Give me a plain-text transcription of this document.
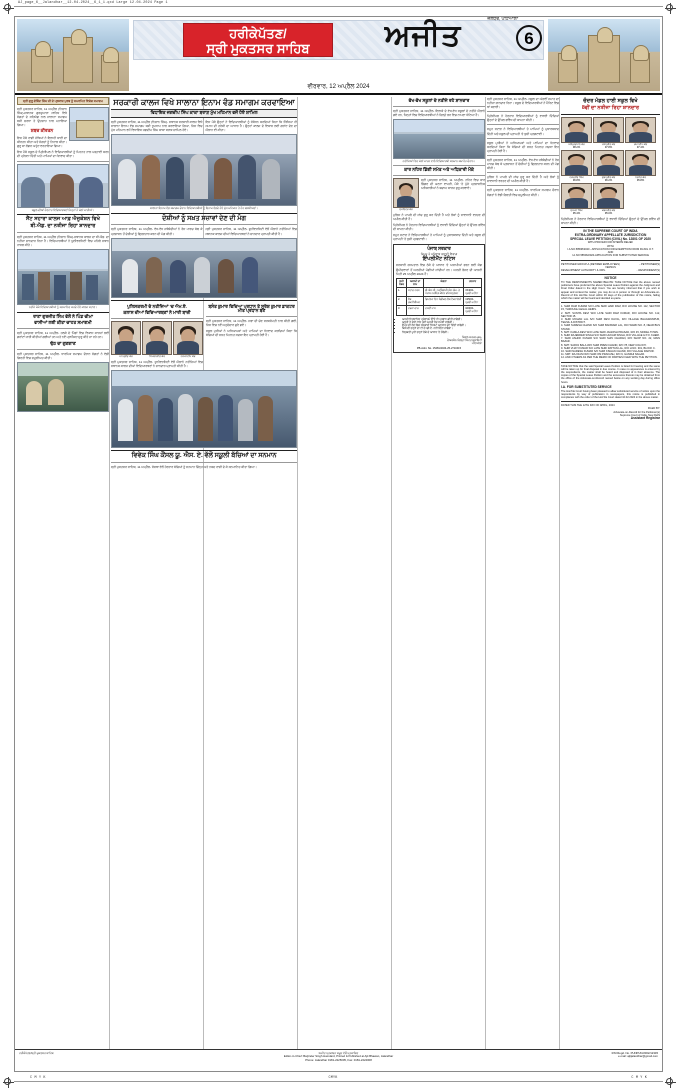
AJ_page_6__Jalandhar__12-04-2024__6_1_1.qxd Large 12.04.2024 Page 1
C M Y K	CMYK	C M Y K
ਹਰੀਕੇਪੱਤਣ/
ਸ੍ਰੀ ਮੁਕਤਸਰ ਸਾਹਿਬ
ਜਲੰਧਰ, ਪਟਿਆਲਾ
ਅਜੀਤ	6
ਵੀਰਵਾਰ, 12 ਅਪ੍ਰੈਲ 2024
ਸ੍ਰੀ ਗੁਰੂ ਗੋਬਿੰਦ ਸਿੰਘ ਜੀ ਦੇ ਪ੍ਰਕਾਸ਼ ਪੁਰਬ ਨੂੰ ਸਮਰਪਿਤ ਵਿਸ਼ੇਸ਼ ਸਮਾਗਮ
ਸ੍ਰੀ ਮੁਕਤਸਰ ਸਾਹਿਬ, 11 ਅਪ੍ਰੈਲ (ਨਿਸ਼ਾਨ ਸਿੰਘ)-ਸਥਾਨਕ ਗੁਰਦੁਆਰਾ ਸਾਹਿਬ ਵਿਖੇ ਸੰਗਤਾਂ ਦੇ ਸਹਿਯੋਗ ਨਾਲ ਸਾਲਾਨਾ ਸਮਾਗਮ ਬੜੀ ਸ਼ਰਧਾ ਤੇ ਉਤਸ਼ਾਹ ਨਾਲ ਮਨਾਇਆ ਗਿਆ।
ਸ਼ਬਦ ਕੀਰਤਨ
ਇਸ ਮੌਕੇ ਰਾਗੀ ਜੱਥਿਆਂ ਨੇ ਇਲਾਹੀ ਬਾਣੀ ਦਾ ਕੀਰਤਨ ਕੀਤਾ ਅਤੇ ਸੰਗਤਾਂ ਨੂੰ ਨਿਹਾਲ ਕੀਤਾ। ਗੁਰੂ ਕਾ ਲੰਗਰ ਅਤੁੱਟ ਵਰਤਾਇਆ ਗਿਆ।
ਇਸ ਮੌਕੇ ਸਕੂਲ ਦੇ ਪ੍ਰਿੰਸੀਪਲ ਨੇ ਵਿਦਿਆਰਥੀਆਂ ਨੂੰ ਮਿਹਨਤ ਨਾਲ ਪੜ੍ਹਾਈ ਕਰਨ ਦੀ ਪ੍ਰੇਰਨਾ ਦਿੱਤੀ ਅਤੇ ਮਾਪਿਆਂ ਦਾ ਧੰਨਵਾਦ ਕੀਤਾ।
ਸਕੂਲ ਦੀਆਂ ਹੋਣਹਾਰ ਵਿਦਿਆਰਥਣਾਂ ਜਿਨ੍ਹਾਂ ਨੇ ਮੱਲਾਂ ਮਾਰੀਆਂ।
ਸੈਂਟ ਸਹਾਰਾ ਕਾਲਜ ਆਫ਼ ਐਜੂਕੇਸ਼ਨ ਵਿਖੇ
ਬੀ.ਐਡ. ਦਾ ਨਤੀਜਾ ਰਿਹਾ ਸ਼ਾਨਦਾਰ
ਸ੍ਰੀ ਮੁਕਤਸਰ ਸਾਹਿਬ, 11 ਅਪ੍ਰੈਲ (ਨਿਸ਼ਾਨ ਸਿੰਘ)-ਸਥਾਨਕ ਕਾਲਜ ਦਾ ਬੀ.ਐਡ. ਦਾ ਨਤੀਜਾ ਸ਼ਾਨਦਾਰ ਰਿਹਾ ਹੈ। ਵਿਦਿਆਰਥੀਆਂ ਨੇ ਯੂਨੀਵਰਸਿਟੀ ਵਿਚ ਪਹਿਲੇ ਸਥਾਨ ਹਾਸਲ ਕੀਤੇ।
ਨਤੀਜੇ ਮੌਕੇ ਵਿਦਿਆਰਥੀਆਂ ਨੂੰ ਸਨਮਾਨਿਤ ਕਰਦੇ ਹੋਏ ਕਾਲਜ ਸਟਾਫ਼।
ਰਾਣਾ ਗੁਰਜੀਤ ਸਿੰਘ ਵੱਲੋਂ ਨੇ ਪਿੰਡ ਚੀਮਾ
ਵਾਸੀਆਂ ਲਈ ਕੀਤਾ ਚਾਹਤ ਸਮਾਗਮੀ
ਸ੍ਰੀ ਮੁਕਤਸਰ ਸਾਹਿਬ, 11 ਅਪ੍ਰੈਲ- ਹਲਕੇ ਦੇ ਪਿੰਡਾਂ ਵਿਚ ਵਿਕਾਸ ਕਾਰਜਾਂ ਲਈ ਗਰਾਂਟਾਂ ਜਾਰੀ ਕੀਤੀਆਂ ਗਈਆਂ ਹਨ ਅਤੇ ਨਵੇਂ ਪ੍ਰਾਜੈਕਟ ਸ਼ੁਰੂ ਕੀਤੇ ਜਾ ਰਹੇ ਹਨ।
ਢੱਠ ਦਾ ਗੁਣਗਾਣ
ਸ੍ਰੀ ਮੁਕਤਸਰ ਸਾਹਿਬ, 11 ਅਪ੍ਰੈਲ- ਧਾਰਮਿਕ ਸਮਾਗਮ ਦੌਰਾਨ ਸੰਗਤਾਂ ਨੇ ਵੱਡੀ ਗਿਣਤੀ ਵਿਚ ਸ਼ਮੂਲੀਅਤ ਕੀਤੀ।
ਸਰਕਾਰੀ ਕਾਲਜ ਵਿਖੇ ਸਾਲਾਨਾ ਇਨਾਮ ਵੰਡ ਸਮਾਗਮ ਕਰਵਾਇਆ
ਵਿਧਾਇਕ ਜਗਦੀਪ ਸਿੰਘ ਕਾਕਾ ਬਰਾੜ ਮੁੱਖ ਮਹਿਮਾਨ ਵਜੋਂ ਹੋਏ ਸ਼ਾਮਿਲ
ਸ੍ਰੀ ਮੁਕਤਸਰ ਸਾਹਿਬ, 11 ਅਪ੍ਰੈਲ (ਨਿਸ਼ਾਨ ਸਿੰਘ)- ਸਥਾਨਕ ਸਰਕਾਰੀ ਕਾਲਜ ਵਿਖੇ ਸਾਲਾਨਾ ਇਨਾਮ ਵੰਡ ਸਮਾਗਮ ਬੜੀ ਧੂਮਧਾਮ ਨਾਲ ਕਰਵਾਇਆ ਗਿਆ, ਜਿਸ ਵਿਚ ਮੁੱਖ ਮਹਿਮਾਨ ਵਜੋਂ ਵਿਧਾਇਕ ਜਗਦੀਪ ਸਿੰਘ ਕਾਕਾ ਬਰਾੜ ਸ਼ਾਮਿਲ ਹੋਏ।
ਇਸ ਮੌਕੇ ਉਨ੍ਹਾਂ ਨੇ ਵਿਦਿਆਰਥੀਆਂ ਨੂੰ ਸੰਬੋਧਨ ਕਰਦਿਆਂ ਕਿਹਾ ਕਿ ਸਿੱਖਿਆ ਹੀ ਸਮਾਜ ਦੀ ਤਰੱਕੀ ਦਾ ਆਧਾਰ ਹੈ। ਉਨ੍ਹਾਂ ਕਾਲਜ ਦੇ ਵਿਕਾਸ ਲਈ ਗਰਾਂਟ ਦੇਣ ਦਾ ਐਲਾਨ ਵੀ ਕੀਤਾ।
ਸਾਲਾਨਾ ਇਨਾਮ ਵੰਡ ਸਮਾਗਮ ਦੌਰਾਨ ਵਿਦਿਆਰਥੀਆਂ ਨੂੰ ਇਨਾਮ ਵੰਡਦੇ ਹੋਏ ਮੁੱਖ ਮਹਿਮਾਨ ਤੇ ਹੋਰ ਸ਼ਖ਼ਸੀਅਤਾਂ।
ਦੋਸ਼ੀਆਂ ਨੂੰ ਸਖ਼ਤ ਸਜ਼ਾਵਾਂ ਦੇਣ ਦੀ ਮੰਗ
ਸ੍ਰੀ ਮੁਕਤਸਰ ਸਾਹਿਬ, 11 ਅਪ੍ਰੈਲ- ਵੱਖ-ਵੱਖ ਜਥੇਬੰਦੀਆਂ ਨੇ ਰੋਸ ਮਾਰਚ ਕੱਢ ਕੇ ਪ੍ਰਸ਼ਾਸਨ ਤੋਂ ਦੋਸ਼ੀਆਂ ਨੂੰ ਗ੍ਰਿਫ਼ਤਾਰ ਕਰਨ ਦੀ ਮੰਗ ਕੀਤੀ।
ਸ੍ਰੀ ਮੁਕਤਸਰ ਸਾਹਿਬ, 11 ਅਪ੍ਰੈਲ- ਯੂਨੀਵਰਸਿਟੀ ਵੱਲੋਂ ਐਲਾਨੇ ਨਤੀਜਿਆਂ ਵਿਚ ਸਥਾਨਕ ਕਾਲਜ ਦੀਆਂ ਵਿਦਿਆਰਥਣਾਂ ਨੇ ਸ਼ਾਨਦਾਰ ਪ੍ਰਾਪਤੀ ਕੀਤੀ ਹੈ।
ਪੁਲਿਸਕਰਮੀ ਦੇ ਨਤੀਜਿਆਂ 'ਚ ਐਮ.ਏ.
ਕਲਾਸ ਦੀਆਂ ਵਿਦਿਆਰਥਣਾਂ ਨੇ ਮਾਰੀ ਬਾਜ਼ੀ
ਮਨਪ੍ਰੀਤ ਕੌਰ	ਸਿਮਰਨਜੀਤ ਕੌਰ	ਹਰਮਨਦੀਪ ਕੌਰ
ਸ੍ਰੀ ਮੁਕਤਸਰ ਸਾਹਿਬ, 11 ਅਪ੍ਰੈਲ- ਯੂਨੀਵਰਸਿਟੀ ਵੱਲੋਂ ਐਲਾਨੇ ਨਤੀਜਿਆਂ ਵਿਚ ਸਥਾਨਕ ਕਾਲਜ ਦੀਆਂ ਵਿਦਿਆਰਥਣਾਂ ਨੇ ਸ਼ਾਨਦਾਰ ਪ੍ਰਾਪਤੀ ਕੀਤੀ ਹੈ।
ਬਸੰਤ ਕੁਮਾਰ ਵਿਦਿਆ ਪ੍ਰਧਾਨ ਤੇ ਸੁਰੇਸ਼ ਕੁਮਾਰ ਡਾਕਟਰ ਮੀਤ ਪ੍ਰਧਾਨ ਬਣੇ
ਸ੍ਰੀ ਮੁਕਤਸਰ ਸਾਹਿਬ, 11 ਅਪ੍ਰੈਲ- ਸਭਾ ਦੀ ਚੋਣ ਸਰਬਸੰਮਤੀ ਨਾਲ ਕੀਤੀ ਗਈ, ਜਿਸ ਵਿਚ ਨਵੇਂ ਅਹੁਦੇਦਾਰ ਚੁਣੇ ਗਏ।
ਸਕੂਲ ਮੁਖੀਆਂ ਨੇ ਅਧਿਆਪਕਾਂ ਅਤੇ ਮਾਪਿਆਂ ਦਾ ਧੰਨਵਾਦ ਕਰਦਿਆਂ ਕਿਹਾ ਕਿ ਬੱਚਿਆਂ ਦੀ ਸਖ਼ਤ ਮਿਹਨਤ ਸਦਕਾ ਇਹ ਪ੍ਰਾਪਤੀ ਹੋਈ ਹੈ।
ਵਿਵੇਕ ਸਿੰਘ ਕੌਂਸਲ ਯੂ. ਐਸ. ਏ. ਵੱਲੋਂ ਸਕੂਲੀ ਬੱਚਿਆਂ ਦਾ ਸਨਮਾਨ
ਸ੍ਰੀ ਮੁਕਤਸਰ ਸਾਹਿਬ, 11 ਅਪ੍ਰੈਲ- ਸੰਸਥਾ ਵੱਲੋਂ ਹੋਣਹਾਰ ਬੱਚਿਆਂ ਨੂੰ ਸਨਮਾਨ ਚਿੰਨ੍ਹ ਅਤੇ ਨਕਦ ਰਾਸ਼ੀ ਦੇ ਕੇ ਸਨਮਾਨਿਤ ਕੀਤਾ ਗਿਆ।
ਵੱਖ-ਵੱਖ ਸਕੂਲਾਂ ਦੇ ਨਤੀਜੇ ਰਹੇ ਸ਼ਾਨਦਾਰ
ਸ੍ਰੀ ਮੁਕਤਸਰ ਸਾਹਿਬ, 11 ਅਪ੍ਰੈਲ- ਇਲਾਕੇ ਦੇ ਵੱਖ-ਵੱਖ ਸਕੂਲਾਂ ਦੇ ਨਤੀਜੇ ਐਲਾਨੇ ਗਏ ਹਨ, ਜਿਨ੍ਹਾਂ ਵਿਚ ਵਿਦਿਆਰਥੀਆਂ ਨੇ ਜ਼ਿਲ੍ਹੇ ਭਰ ਵਿਚ ਨਾਮਣਾ ਖੱਟਿਆ ਹੈ।
ਨਤੀਜਿਆਂ ਵਿਚ ਮੱਲਾਂ ਮਾਰਨ ਵਾਲੇ ਵਿਦਿਆਰਥੀ ਸਨਮਾਨ ਸਮਾਰੋਹ ਦੌਰਾਨ।
ਕਾਰ ਨਹਿਰ ਡਿੱਗੀ ਸਮੇਤ ਅਤੇ ਅਧਿਕਾਰੀ ਮੌਕੇ
ਸੁਖਵਿੰਦਰ ਕੌਰ
ਸ੍ਰੀ ਮੁਕਤਸਰ ਸਾਹਿਬ, 11 ਅਪ੍ਰੈਲ- ਨਹਿਰ ਵਿਚ ਕਾਰ ਡਿੱਗਣ ਦੀ ਘਟਨਾ ਵਾਪਰੀ, ਮੌਕੇ 'ਤੇ ਪੁੱਜੇ ਪ੍ਰਸ਼ਾਸਨਿਕ ਅਧਿਕਾਰੀਆਂ ਨੇ ਬਚਾਅ ਕਾਰਜ ਸ਼ੁਰੂ ਕਰਵਾਏ।
ਪੁਲਿਸ ਨੇ ਮਾਮਲੇ ਦੀ ਜਾਂਚ ਸ਼ੁਰੂ ਕਰ ਦਿੱਤੀ ਹੈ ਅਤੇ ਲੋਕਾਂ ਨੂੰ ਸਾਵਧਾਨੀ ਵਰਤਣ ਦੀ ਅਪੀਲ ਕੀਤੀ ਹੈ।
ਪ੍ਰਿੰਸੀਪਲ ਨੇ ਹੋਣਹਾਰ ਵਿਦਿਆਰਥੀਆਂ ਨੂੰ ਵਧਾਈ ਦਿੰਦਿਆਂ ਉਨ੍ਹਾਂ ਦੇ ਉੱਜਲ ਭਵਿੱਖ ਦੀ ਕਾਮਨਾ ਕੀਤੀ।
ਸਮੂਹ ਸਟਾਫ਼ ਨੇ ਵਿਦਿਆਰਥੀਆਂ ਤੇ ਮਾਪਿਆਂ ਨੂੰ ਮੁਬਾਰਕਬਾਦ ਦਿੱਤੀ ਅਤੇ ਸਕੂਲ ਦੀ ਪ੍ਰਾਪਤੀ 'ਤੇ ਖ਼ੁਸ਼ੀ ਪ੍ਰਗਟਾਈ।
ਪੰਜਾਬ ਸਰਕਾਰ
ਸਿਹਤ ਤੇ ਪਰਿਵਾਰ ਭਲਾਈ ਵਿਭਾਗ
ਇੰਪਲੀਮੈਂਟ ਨੋਟਿਸ
ਸਰਕਾਰੀ ਹਸਪਤਾਲ ਵਿਚ ਠੇਕੇ ਦੇ ਆਧਾਰ 'ਤੇ ਅਸਾਮੀਆਂ ਭਰਨ ਲਈ ਯੋਗ ਉਮੀਦਵਾਰਾਂ ਤੋਂ ਅਰਜ਼ੀਆਂ ਮੰਗੀਆਂ ਜਾਂਦੀਆਂ ਹਨ। ਅਰਜ਼ੀ ਭੇਜਣ ਦੀ ਆਖ਼ਰੀ ਮਿਤੀ 25 ਅਪ੍ਰੈਲ 2024 ਹੈ।
ਲੜੀ ਨੰਬਰ	ਅਸਾਮੀ ਦਾ ਨਾਮ	ਯੋਗਤਾ	ਤਨਖ਼ਾਹ
1.	ਸਟਾਫ਼ ਨਰਸ	ਬੀ.ਐਸ.ਸੀ. ਨਰਸਿੰਗ/ਜੀ.ਐਨ.ਐਮ. ਤੇ ਪੰਜਾਬ ਨਰਸਿੰਗ ਕੌਂਸਲ ਰਜਿਸਟ੍ਰੇਸ਼ਨ	15400/- ਪ੍ਰਤੀ ਮਹੀਨਾ
2.	ਲੈਬ ਤਕਨੀਸ਼ੀਅਨ	ਡਿਪਲੋਮਾ ਇਨ ਮੈਡੀਕਲ ਲੈਬ ਟੈਕਨਾਲੋਜੀ	13500/- ਪ੍ਰਤੀ ਮਹੀਨਾ
3.	ਦਰਜਾ ਚਾਰ	ਦਸਵੀਂ ਪਾਸ	10000/- ਪ੍ਰਤੀ ਮਹੀਨਾ
• ਅਰਜ਼ੀ ਨਿਰਧਾਰਿਤ ਪ੍ਰੋਫਾਰਮੇ ਉੱਤੇ ਹੀ ਪ੍ਰਵਾਨ ਕੀਤੀ ਜਾਵੇਗੀ।
• ਅਧੂਰੀ ਤੇ ਦੇਰੀ ਨਾਲ ਪੁੱਜੀ ਅਰਜ਼ੀ ਰੱਦ ਸਮਝੀ ਜਾਵੇਗੀ।
• ਉਮਰ ਦੀ ਹੱਦ ਵਿਚ ਸਰਕਾਰੀ ਨਿਯਮਾਂ ਅਨੁਸਾਰ ਛੋਟ ਦਿੱਤੀ ਜਾਵੇਗੀ।
• ਕਿਸੇ ਵੀ ਤਰ੍ਹਾਂ ਦਾ ਟੀ.ਏ./ਡੀ.ਏ. ਨਹੀਂ ਦਿੱਤਾ ਜਾਵੇਗਾ।
• ਨਿਯੁਕਤੀ ਪੂਰੀ ਤਰ੍ਹਾਂ ਠੇਕੇ ਦੇ ਆਧਾਰ 'ਤੇ ਹੋਵੇਗੀ।
ਸਿਵਲ ਸਰਜਨ-ਕਮ-
ਚੇਅਰਮੈਨ ਜ਼ਿਲ੍ਹਾ ਸਿਹਤ ਸੁਸਾਇਟੀ
ਪਟਿਆਲਾ
PB-Advt. No. 15481/2024-25-2710415
ਸ੍ਰੀ ਮੁਕਤਸਰ ਸਾਹਿਬ, 11 ਅਪ੍ਰੈਲ- ਸਕੂਲ ਦਾ ਅੱਠਵੀਂ ਜਮਾਤ ਦਾ ਨਤੀਜਾ ਸ਼ਾਨਦਾਰ ਰਿਹਾ। ਸਕੂਲ ਦੇ ਵਿਦਿਆਰਥੀਆਂ ਨੇ ਮੈਰਿਟ ਵਿਚ ਥਾਂ ਬਣਾਈ।
ਪ੍ਰਿੰਸੀਪਲ ਨੇ ਹੋਣਹਾਰ ਵਿਦਿਆਰਥੀਆਂ ਨੂੰ ਵਧਾਈ ਦਿੰਦਿਆਂ ਉਨ੍ਹਾਂ ਦੇ ਉੱਜਲ ਭਵਿੱਖ ਦੀ ਕਾਮਨਾ ਕੀਤੀ।
ਸਮੂਹ ਸਟਾਫ਼ ਨੇ ਵਿਦਿਆਰਥੀਆਂ ਤੇ ਮਾਪਿਆਂ ਨੂੰ ਮੁਬਾਰਕਬਾਦ ਦਿੱਤੀ ਅਤੇ ਸਕੂਲ ਦੀ ਪ੍ਰਾਪਤੀ 'ਤੇ ਖ਼ੁਸ਼ੀ ਪ੍ਰਗਟਾਈ।
ਸਕੂਲ ਮੁਖੀਆਂ ਨੇ ਅਧਿਆਪਕਾਂ ਅਤੇ ਮਾਪਿਆਂ ਦਾ ਧੰਨਵਾਦ ਕਰਦਿਆਂ ਕਿਹਾ ਕਿ ਬੱਚਿਆਂ ਦੀ ਸਖ਼ਤ ਮਿਹਨਤ ਸਦਕਾ ਇਹ ਪ੍ਰਾਪਤੀ ਹੋਈ ਹੈ।
ਸ੍ਰੀ ਮੁਕਤਸਰ ਸਾਹਿਬ, 11 ਅਪ੍ਰੈਲ- ਵੱਖ-ਵੱਖ ਜਥੇਬੰਦੀਆਂ ਨੇ ਰੋਸ ਮਾਰਚ ਕੱਢ ਕੇ ਪ੍ਰਸ਼ਾਸਨ ਤੋਂ ਦੋਸ਼ੀਆਂ ਨੂੰ ਗ੍ਰਿਫ਼ਤਾਰ ਕਰਨ ਦੀ ਮੰਗ ਕੀਤੀ।
ਪੁਲਿਸ ਨੇ ਮਾਮਲੇ ਦੀ ਜਾਂਚ ਸ਼ੁਰੂ ਕਰ ਦਿੱਤੀ ਹੈ ਅਤੇ ਲੋਕਾਂ ਨੂੰ ਸਾਵਧਾਨੀ ਵਰਤਣ ਦੀ ਅਪੀਲ ਕੀਤੀ ਹੈ।
ਸ੍ਰੀ ਮੁਕਤਸਰ ਸਾਹਿਬ, 11 ਅਪ੍ਰੈਲ- ਧਾਰਮਿਕ ਸਮਾਗਮ ਦੌਰਾਨ ਸੰਗਤਾਂ ਨੇ ਵੱਡੀ ਗਿਣਤੀ ਵਿਚ ਸ਼ਮੂਲੀਅਤ ਕੀਤੀ।
ਚੰਦਰ ਮੰਡਲ ਹਾਈ ਸਕੂਲ ਵਿਖੇ
8ਵੀਂ ਦਾ ਨਤੀਜਾ ਰਿਹਾ ਸ਼ਾਨਦਾਰ
ਅੰਮ੍ਰਿਤਪਾਲ ਕੌਰ
98.2%
ਜਸਪ੍ਰੀਤ ਕੌਰ
97.8%
ਰਮਨਦੀਪ ਕੌਰ
97.4%
ਹਰਪ੍ਰੀਤ ਸਿੰਘ
96.8%
ਗੁਰਪ੍ਰੀਤ ਕੌਰ
96.2%
ਨਵਜੋਤ ਕੌਰ
95.8%
ਸੁਖਮਨ ਸਿੰਘ
95.4%
ਕਰਮਜੀਤ ਕੌਰ
95.0%
ਪ੍ਰਿੰਸੀਪਲ ਨੇ ਹੋਣਹਾਰ ਵਿਦਿਆਰਥੀਆਂ ਨੂੰ ਵਧਾਈ ਦਿੰਦਿਆਂ ਉਨ੍ਹਾਂ ਦੇ ਉੱਜਲ ਭਵਿੱਖ ਦੀ ਕਾਮਨਾ ਕੀਤੀ।
IN THE SUPREME COURT OF INDIA
EXTRA-ORDINARY APPELLATE JURISDICTION
SPECIAL LEAVE PETITION (CIVIL) No. 12801 OF 2020
WITH PRAYER FOR INTERIM RELIEF
WITH
I.A.NO.58508/2020 - APPLICATION FOR EXEMPTION FROM FILING O.T.
AND
I.A.NO.58506/2020-APPLICATION FOR SUBSTITUTED SERVICE
PETITIONER GROUP-A (RETIRED EMPLOYEES)	...PETITIONER(S)
VERSUS
DEVELOPMENT AUTHORITY & ORS.	...RESPONDENT(S)
NOTICE
TO THE RESPONDENTS NAMED BELOW: TAKE NOTICE that the above named petitioners have preferred the above Special Leave Petition against the Judgment and Final Order dated in the High Court. You are hereby informed that if you wish to appear and contest the matter, you may do so in person or through an Advocate-on-Record of this Hon'ble Court within 30 days of the publication of this notice, failing which the matter will be heard and decided ex-parte.
1. SHRI RAM KUMAR S/O LATE SHRI HARI RAM, R/O HOUSE NO. 112, SECTOR 15, THROUGH LEGAL HEIRS.
2. SMT. SUNITA DEVI W/O LATE SHRI RAM KUMAR, R/O HOUSE NO. 112, SECTOR 15.
3. SHRI MOHAN LAL S/O SHRI DEVI DAYAL, R/O VILLAGE BHAGWANPUR, TEHSIL & DISTRICT.
4. SHRI SURESH CHAND S/O SHRI BANWARI LAL, R/O WARD NO. 8, NEAR BUS STAND.
5. SMT. KAMLA DEVI W/O LATE SHRI JAGDISH PRASAD, R/O 45, MODEL TOWN.
6. SHRI RAJENDER SINGH S/O SHRI HUKAM SINGH, R/O VILLAGE & P.O. KHERI.
7. SHRI ASHOK KUMAR S/O SHRI SHIV CHARAN, R/O SHOP NO. 22, MAIN BAZAR.
8. SMT. SAROJ BALA W/O SHRI PREM CHAND, R/O 78, NEW COLONY.
9. SHRI VIJAY KUMAR S/O LATE SHRI RATTAN LAL, R/O H.NO. 301, BLOCK C.
10. SHRI NARESH KUMAR S/O SHRI KISHAN CHAND, R/O VILLAGE RAIPUR.
11. SMT. RAJ RANI W/O SHRI OM PRAKASH, R/O 9, GANDHI NAGAR.
12. AND OTHERS AS PER THE MEMO OF PARTIES FILED WITH THE PETITION.
TAKE NOTICE that the said Special Leave Petition is listed for hearing and the same will be taken up for final disposal in due course. In case no appearance is entered by the respondents, the matter shall be heard and disposed of in their absence. The copies of the Special Leave Petition and the annexures thereto may be obtained from the office of the Advocate-on-Record named below on any working day during office hours.
I.A. FOR SUBSTITUTED SERVICE
The Hon'ble Court having been pleased to allow substituted service of notice upon the respondents by way of publication in newspapers, this notice is published in compliance with the order of the Hon'ble Court dated 10.02.2024 in the above matter.
DATED THIS THE 12TH DAY OF APRIL, 2024
FILED BY:
Advocate-on-Record for the Petitioner(s)
Supreme Court of India, New Delhi
Assistant Registrar
ਹਰੀਕੇਪੱਤਣ/ਸ੍ਰੀ ਮੁਕਤਸਰ ਸਾਹਿਬ	ਅਜੀਤ ਪ੍ਰਕਾਸ਼ਨ ਸਮੂਹ ਵੱਲੋਂ ਪ੍ਰਕਾਸ਼ਿਤ
Editor-in-Chief: Barjinder Singh Hamdard, Printed & Published at Ajit Bhawan, Jalandhar
Phone: Jalandhar 0181-2225005, Fax: 0181-2224008
RNI Regd. No. PUNPUN/2002/12345
e-mail: ajitjalandhar@gmail.com
